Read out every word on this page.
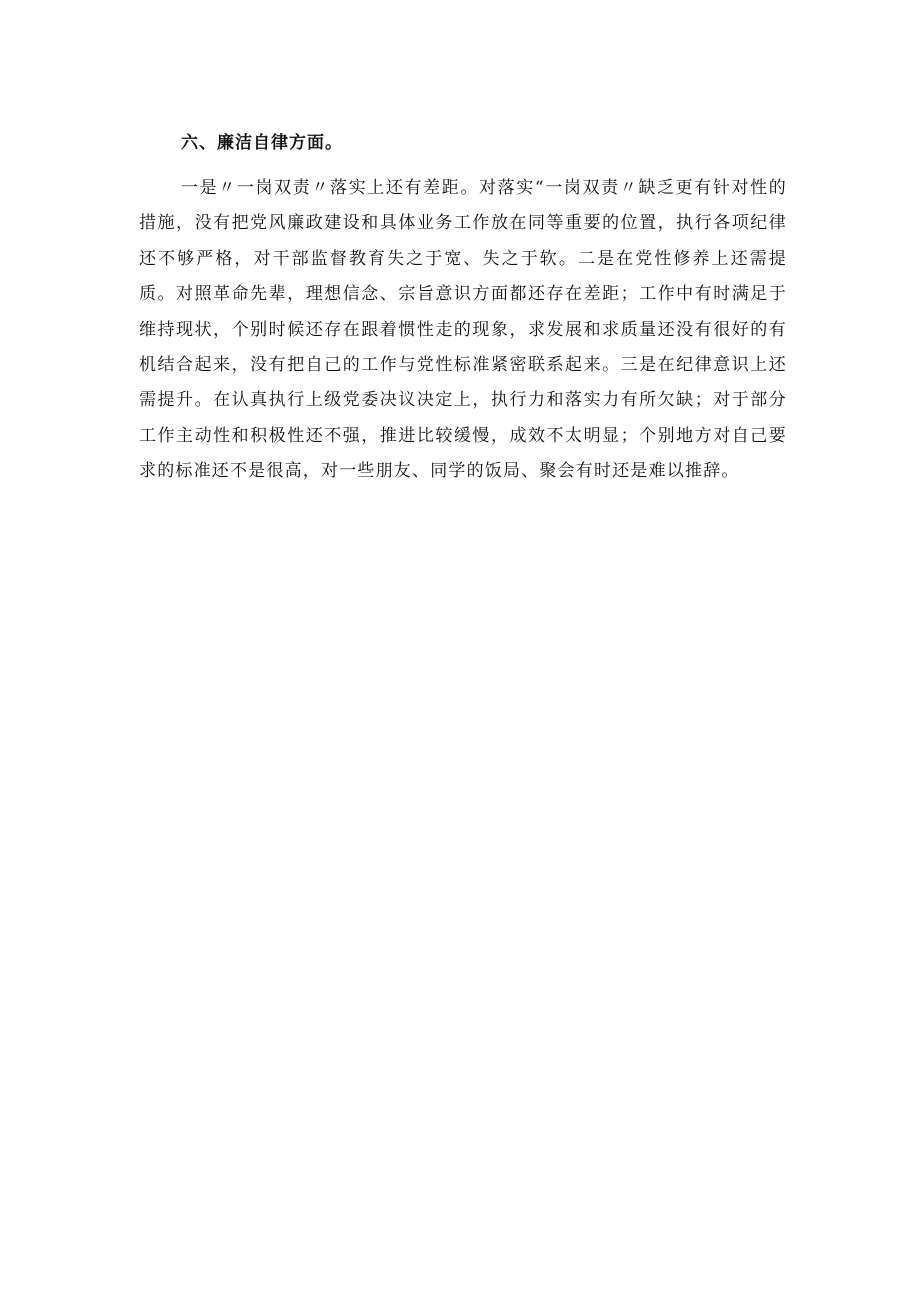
六、廉洁自律方面。

一是〃一岗双责〃落实上还有差距。对落实“一岗双责〃缺乏更有针对性的措施，没有把党风廉政建设和具体业务工作放在同等重要的位置，执行各项纪律还不够严格，对干部监督教育失之于宽、失之于软。二是在党性修养上还需提质。对照革命先辈，理想信念、宗旨意识方面都还存在差距；工作中有时满足于维持现状，个别时候还存在跟着惯性走的现象，求发展和求质量还没有很好的有机结合起来，没有把自己的工作与党性标准紧密联系起来。三是在纪律意识上还需提升。在认真执行上级党委决议决定上，执行力和落实力有所欠缺；对于部分工作主动性和积极性还不强，推进比较缓慢，成效不太明显；个别地方对自己要求的标准还不是很高，对一些朋友、同学的饭局、聚会有时还是难以推辞。
